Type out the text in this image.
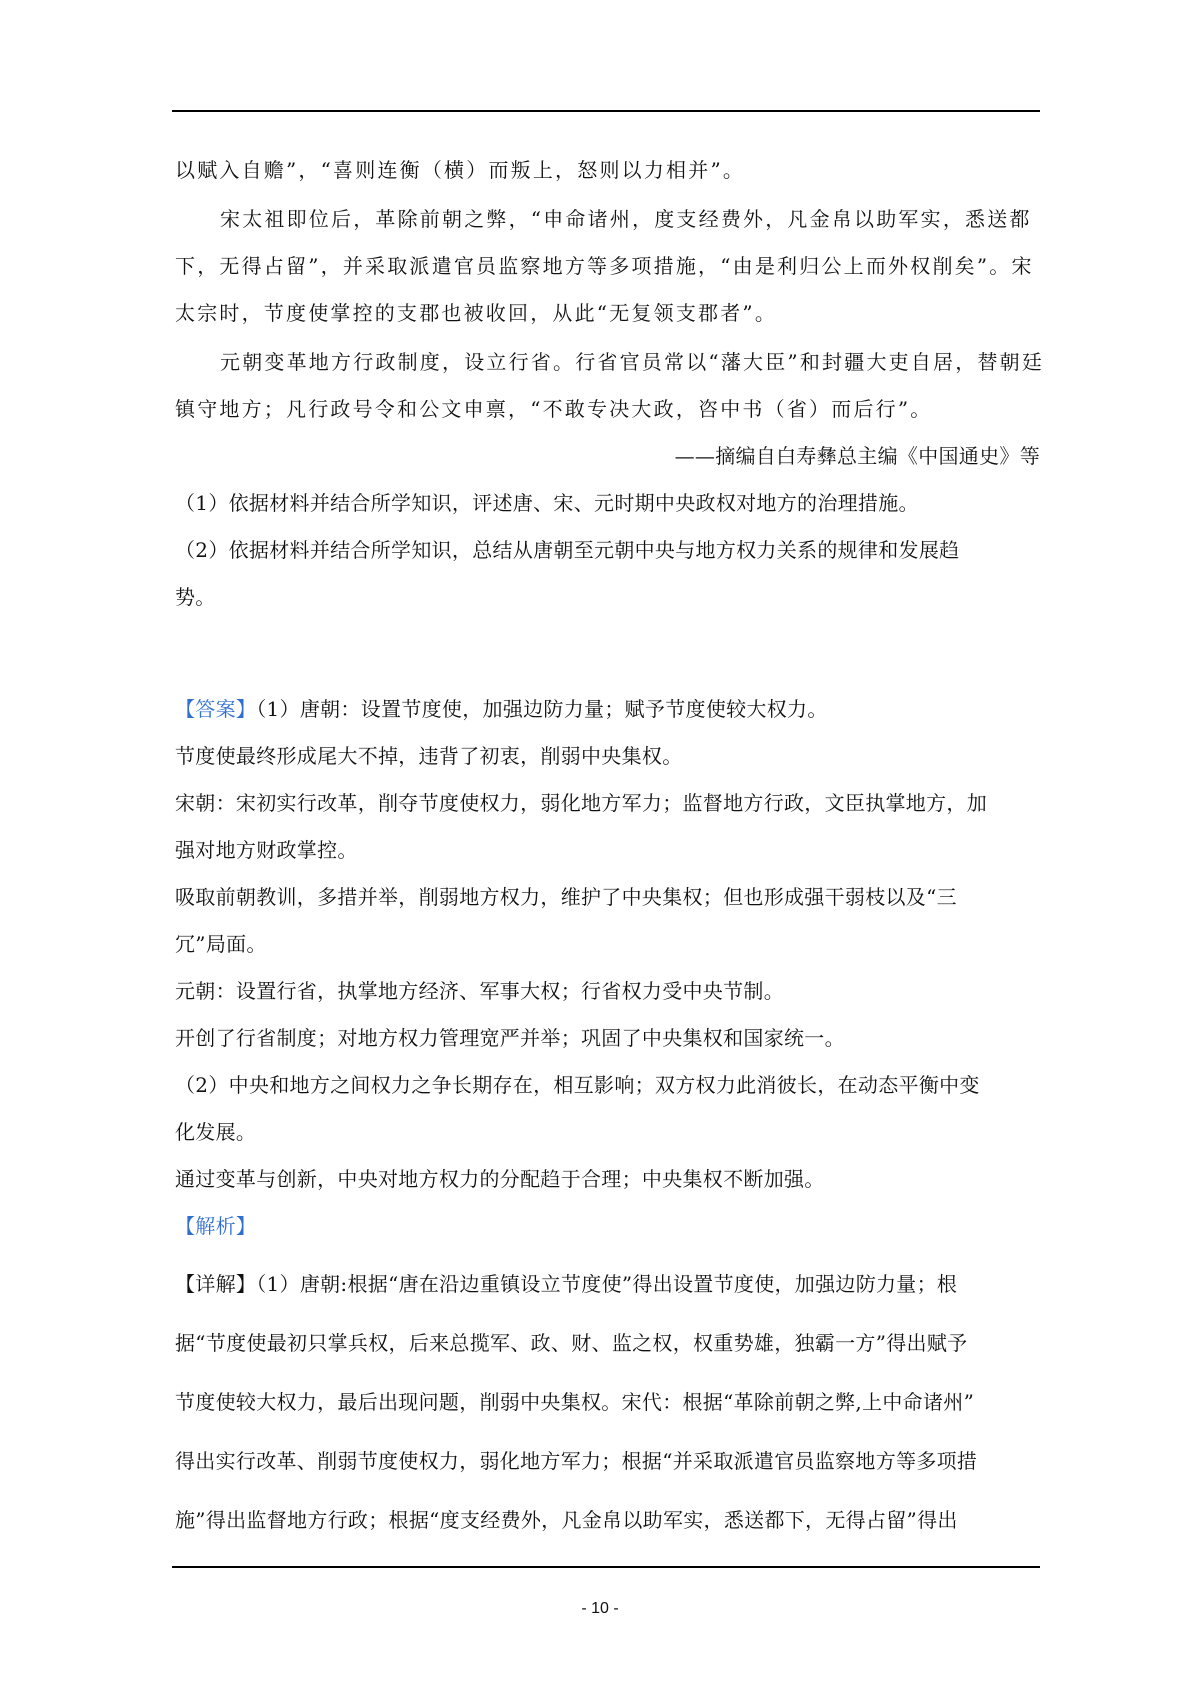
以赋入自赡”，“喜则连衡（横）而叛上，怒则以力相并”。
宋太祖即位后，革除前朝之弊，“申命诸州，度支经费外，凡金帛以助军实，悉送都
下，无得占留”，并采取派遣官员监察地方等多项措施，“由是利归公上而外权削矣”。宋
太宗时，节度使掌控的支郡也被收回，从此“无复领支郡者”。
元朝变革地方行政制度，设立行省。行省官员常以“藩大臣”和封疆大吏自居，替朝廷
镇守地方；凡行政号令和公文申禀，“不敢专决大政，咨中书（省）而后行”。
——摘编自白寿彝总主编《中国通史》等
（1）依据材料并结合所学知识，评述唐、宋、元时期中央政权对地方的治理措施。
（2）依据材料并结合所学知识，总结从唐朝至元朝中央与地方权力关系的规律和发展趋
势。
【答案】（1）唐朝：设置节度使，加强边防力量；赋予节度使较大权力。
节度使最终形成尾大不掉，违背了初衷，削弱中央集权。
宋朝：宋初实行改革，削夺节度使权力，弱化地方军力；监督地方行政，文臣执掌地方，加
强对地方财政掌控。
吸取前朝教训，多措并举，削弱地方权力，维护了中央集权；但也形成强干弱枝以及“三
冗”局面。
元朝：设置行省，执掌地方经济、军事大权；行省权力受中央节制。
开创了行省制度；对地方权力管理宽严并举；巩固了中央集权和国家统一。
（2）中央和地方之间权力之争长期存在，相互影响；双方权力此消彼长，在动态平衡中变
化发展。
通过变革与创新，中央对地方权力的分配趋于合理；中央集权不断加强。
【解析】
【详解】（1）唐朝:根据“唐在沿边重镇设立节度使”得出设置节度使，加强边防力量；根
据“节度使最初只掌兵权，后来总揽军、政、财、监之权，权重势雄，独霸一方”得出赋予
节度使较大权力，最后出现问题，削弱中央集权。宋代：根据“革除前朝之弊,上中命诸州”
得出实行改革、削弱节度使权力，弱化地方军力；根据“并采取派遣官员监察地方等多项措
施”得出监督地方行政；根据“度支经费外，凡金帛以助军实，悉送都下，无得占留”得出
- 10 -
